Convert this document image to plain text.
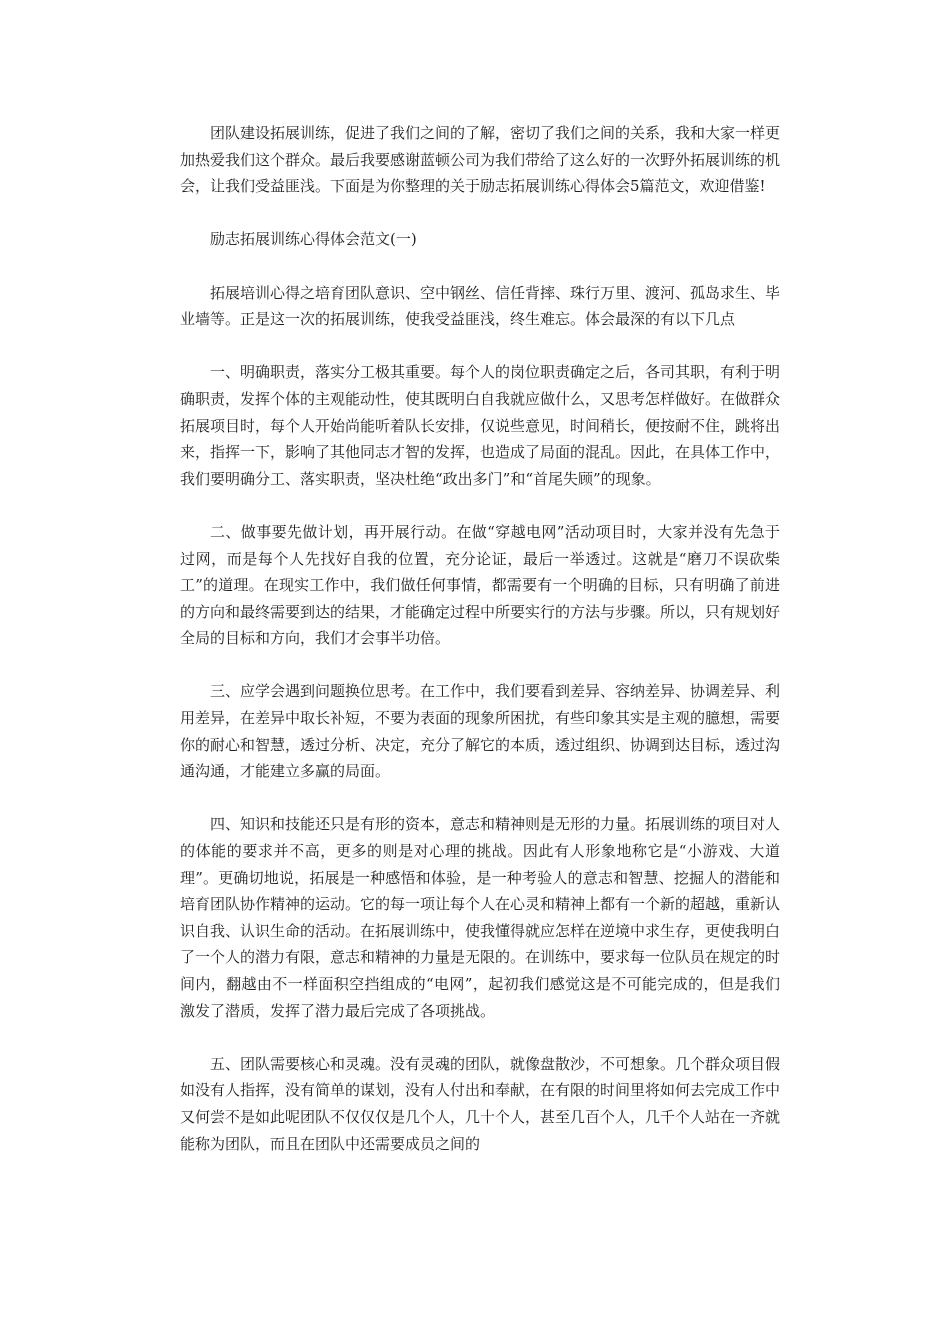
团队建设拓展训练，促进了我们之间的了解，密切了我们之间的关系，我和大家一样更加热爱我们这个群众。最后我要感谢蓝顿公司为我们带给了这么好的一次野外拓展训练的机会，让我们受益匪浅。下面是为你整理的关于励志拓展训练心得体会5篇范文，欢迎借鉴!

励志拓展训练心得体会范文(一)

拓展培训心得之培育团队意识、空中钢丝、信任背摔、珠行万里、渡河、孤岛求生、毕业墙等。正是这一次的拓展训练，使我受益匪浅，终生难忘。体会最深的有以下几点

一、明确职责，落实分工极其重要。每个人的岗位职责确定之后，各司其职，有利于明确职责，发挥个体的主观能动性，使其既明白自我就应做什么，又思考怎样做好。在做群众拓展项目时，每个人开始尚能听着队长安排，仅说些意见，时间稍长，便按耐不住，跳将出来，指挥一下，影响了其他同志才智的发挥，也造成了局面的混乱。因此，在具体工作中，我们要明确分工、落实职责，坚决杜绝“政出多门”和“首尾失顾”的现象。

二、做事要先做计划，再开展行动。在做“穿越电网”活动项目时，大家并没有先急于过网，而是每个人先找好自我的位置，充分论证，最后一举透过。这就是“磨刀不误砍柴工”的道理。在现实工作中，我们做任何事情，都需要有一个明确的目标，只有明确了前进的方向和最终需要到达的结果，才能确定过程中所要实行的方法与步骤。所以，只有规划好全局的目标和方向，我们才会事半功倍。

三、应学会遇到问题换位思考。在工作中，我们要看到差异、容纳差异、协调差异、利用差异，在差异中取长补短，不要为表面的现象所困扰，有些印象其实是主观的臆想，需要你的耐心和智慧，透过分析、决定，充分了解它的本质，透过组织、协调到达目标，透过沟通沟通，才能建立多赢的局面。

四、知识和技能还只是有形的资本，意志和精神则是无形的力量。拓展训练的项目对人的体能的要求并不高，更多的则是对心理的挑战。因此有人形象地称它是“小游戏、大道理”。更确切地说，拓展是一种感悟和体验，是一种考验人的意志和智慧、挖掘人的潜能和培育团队协作精神的运动。它的每一项让每个人在心灵和精神上都有一个新的超越，重新认识自我、认识生命的活动。在拓展训练中，使我懂得就应怎样在逆境中求生存，更使我明白了一个人的潜力有限，意志和精神的力量是无限的。在训练中，要求每一位队员在规定的时间内，翻越由不一样面积空挡组成的“电网”，起初我们感觉这是不可能完成的，但是我们激发了潜质，发挥了潜力最后完成了各项挑战。

五、团队需要核心和灵魂。没有灵魂的团队，就像盘散沙，不可想象。几个群众项目假如没有人指挥，没有简单的谋划，没有人付出和奉献，在有限的时间里将如何去完成工作中又何尝不是如此呢团队不仅仅仅是几个人，几十个人，甚至几百个人，几千个人站在一齐就能称为团队，而且在团队中还需要成员之间的
